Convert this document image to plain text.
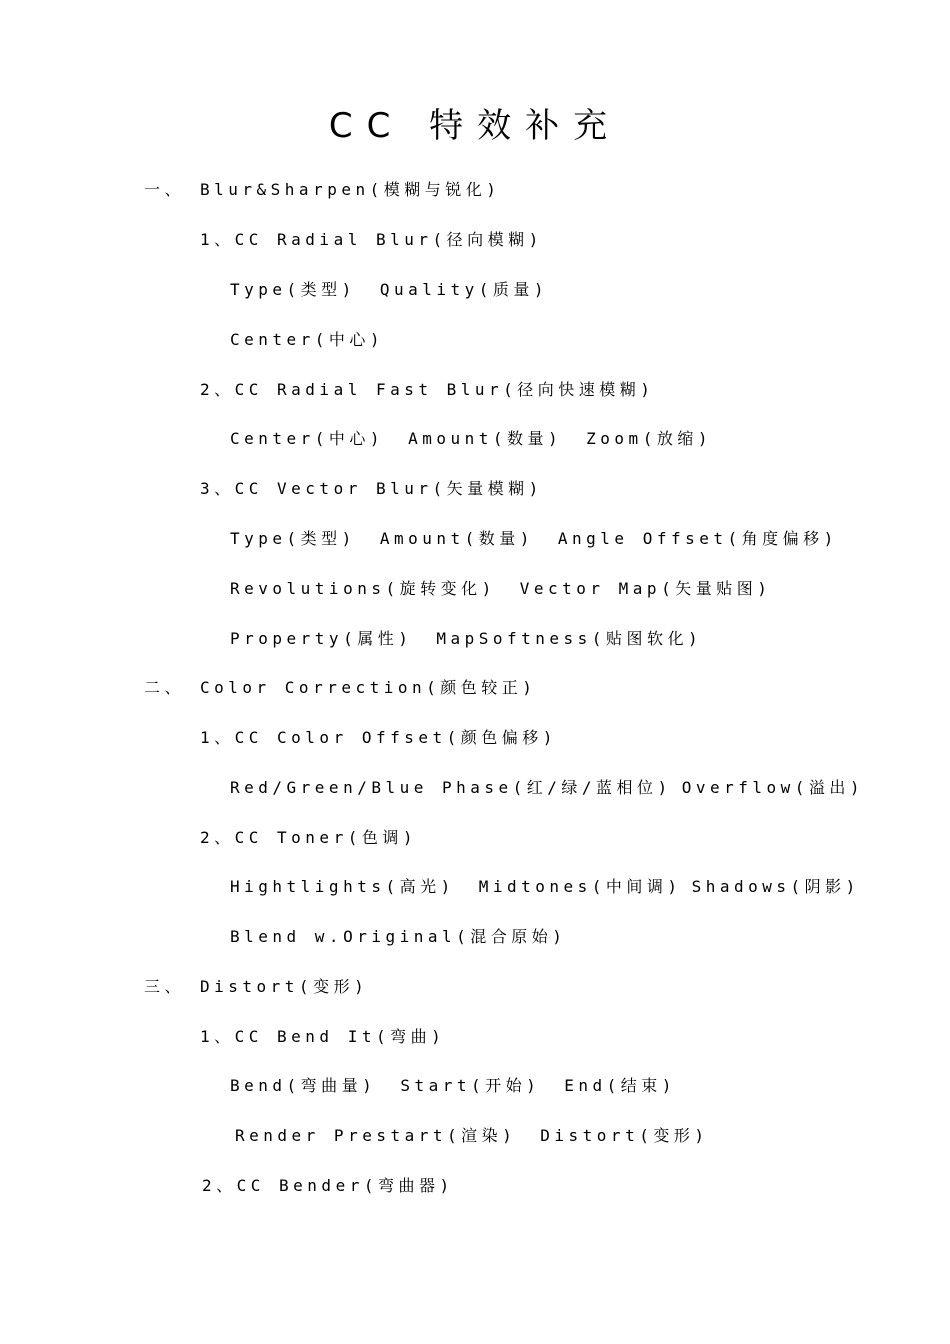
CC 特效补充
一、 Blur&Sharpen(模糊与锐化)
1、CC Radial Blur(径向模糊)
Type(类型) Quality(质量)
Center(中心)
2、CC Radial Fast Blur(径向快速模糊)
Center(中心) Amount(数量) Zoom(放缩)
3、CC Vector Blur(矢量模糊)
Type(类型) Amount(数量) Angle Offset(角度偏移)
Revolutions(旋转变化) Vector Map(矢量贴图)
Property(属性) MapSoftness(贴图软化)
二、 Color Correction(颜色较正)
1、CC Color Offset(颜色偏移)
Red/Green/Blue Phase(红/绿/蓝相位) Overflow(溢出)
2、CC Toner(色调)
Hightlights(高光) Midtones(中间调) Shadows(阴影)
Blend w.Original(混合原始)
三、 Distort(变形)
1、CC Bend It(弯曲)
Bend(弯曲量) Start(开始) End(结束)
Render Prestart(渲染) Distort(变形)
2、CC Bender(弯曲器)
